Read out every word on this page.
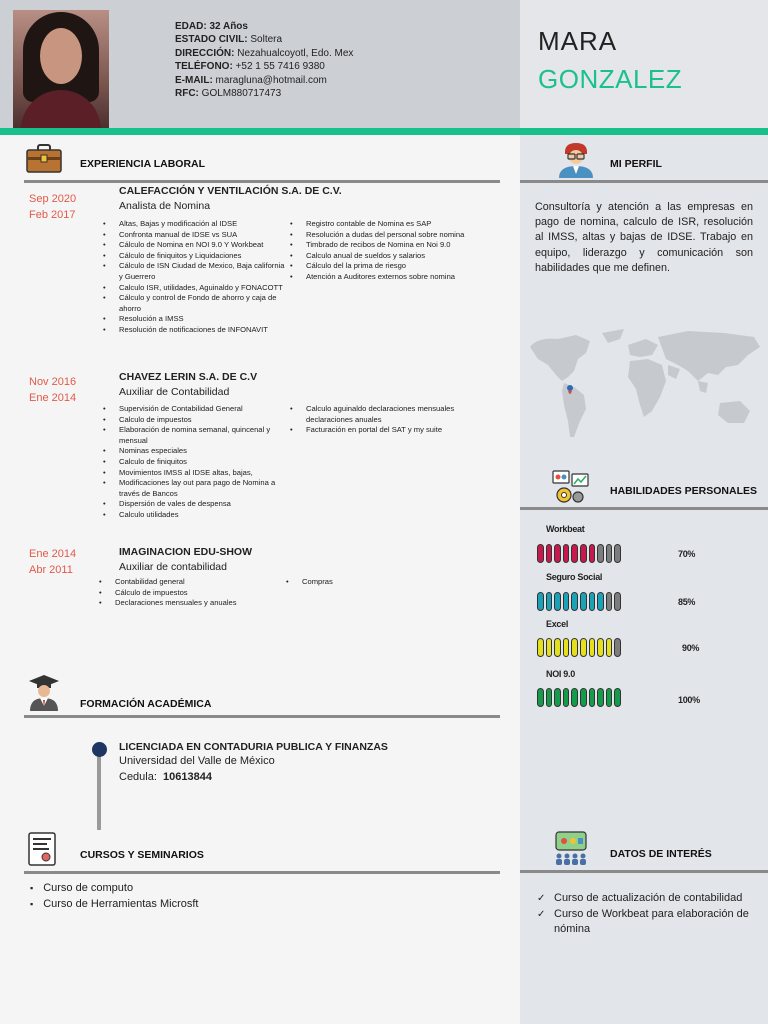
EDAD: 32 Años
ESTADO CIVIL: Soltera
DIRECCIÓN: Nezahualcoyotl, Edo. Mex
TELÉFONO: +52 1 55 7416 9380
E-MAIL: maragluna@hotmail.com
RFC: GOLM880717473
MARA
GONZALEZ
EXPERIENCIA LABORAL
Sep 2020
Feb 2017
CALEFACCIÓN Y VENTILACIÓN S.A. DE C.V.
Analista de Nomina
• Altas, Bajas y modificación al IDSE
• Confronta manual de IDSE vs SUA
• Cálculo de Nomina en NOI 9.0 Y Workbeat
• Cálculo de finiquitos y Liquidaciones
• Cálculo de ISN Ciudad de Mexico, Baja california y Guerrero
• Calculo ISR, utilidades, Aguinaldo y FONACOTT
• Cálculo y control de Fondo de ahorro y caja de ahorro
• Resolución a IMSS
• Resolución de notificaciones de INFONAVIT
• Registro contable de Nomina es SAP
• Resolución a dudas del personal sobre nomina
• Timbrado de recibos de Nomina en Noi 9.0
• Calculo anual de sueldos y salarios
• Cálculo del la prima de riesgo
• Atención a Auditores externos sobre nomina
Nov 2016
Ene 2014
CHAVEZ LERIN S.A. DE C.V
Auxiliar de Contabilidad
• Supervisión de Contabilidad General
• Calculo de impuestos
• Elaboración de nomina semanal, quincenal y mensual
• Nominas especiales
• Calculo de finiquitos
• Movimientos IMSS al IDSE altas, bajas,
• Modificaciones lay out para pago de Nomina a través de Bancos
• Dispersión de vales de despensa
• Calculo utilidades
• Calculo aguinaldo declaraciones mensuales declaraciones anuales
• Facturación en portal del SAT y my suite
Ene 2014
Abr 2011
IMAGINACION EDU-SHOW
Auxiliar de contabilidad
• Contabilidad general
• Cálculo de impuestos
• Declaraciones mensuales y anuales
• Compras
FORMACIÓN ACADÉMICA
LICENCIADA EN CONTADURIA PUBLICA Y FINANZAS
Universidad del Valle de México
Cedula: 10613844
CURSOS Y SEMINARIOS
▪ Curso de computo
▪ Curso de Herramientas Microsft
MI PERFIL
Consultoría y atención a las empresas en pago de nomina, calculo de ISR, resolución al IMSS, altas y bajas de IDSE. Trabajo en equipo, liderazgo y comunicación son habilidades que me definen.
HABILIDADES PERSONALES
Workbeat
70%
Seguro Social
85%
Excel
90%
NOI 9.0
100%
DATOS DE INTERÉS
✓ Curso de actualización de contabilidad
✓ Curso de Workbeat para elaboración de nómina
